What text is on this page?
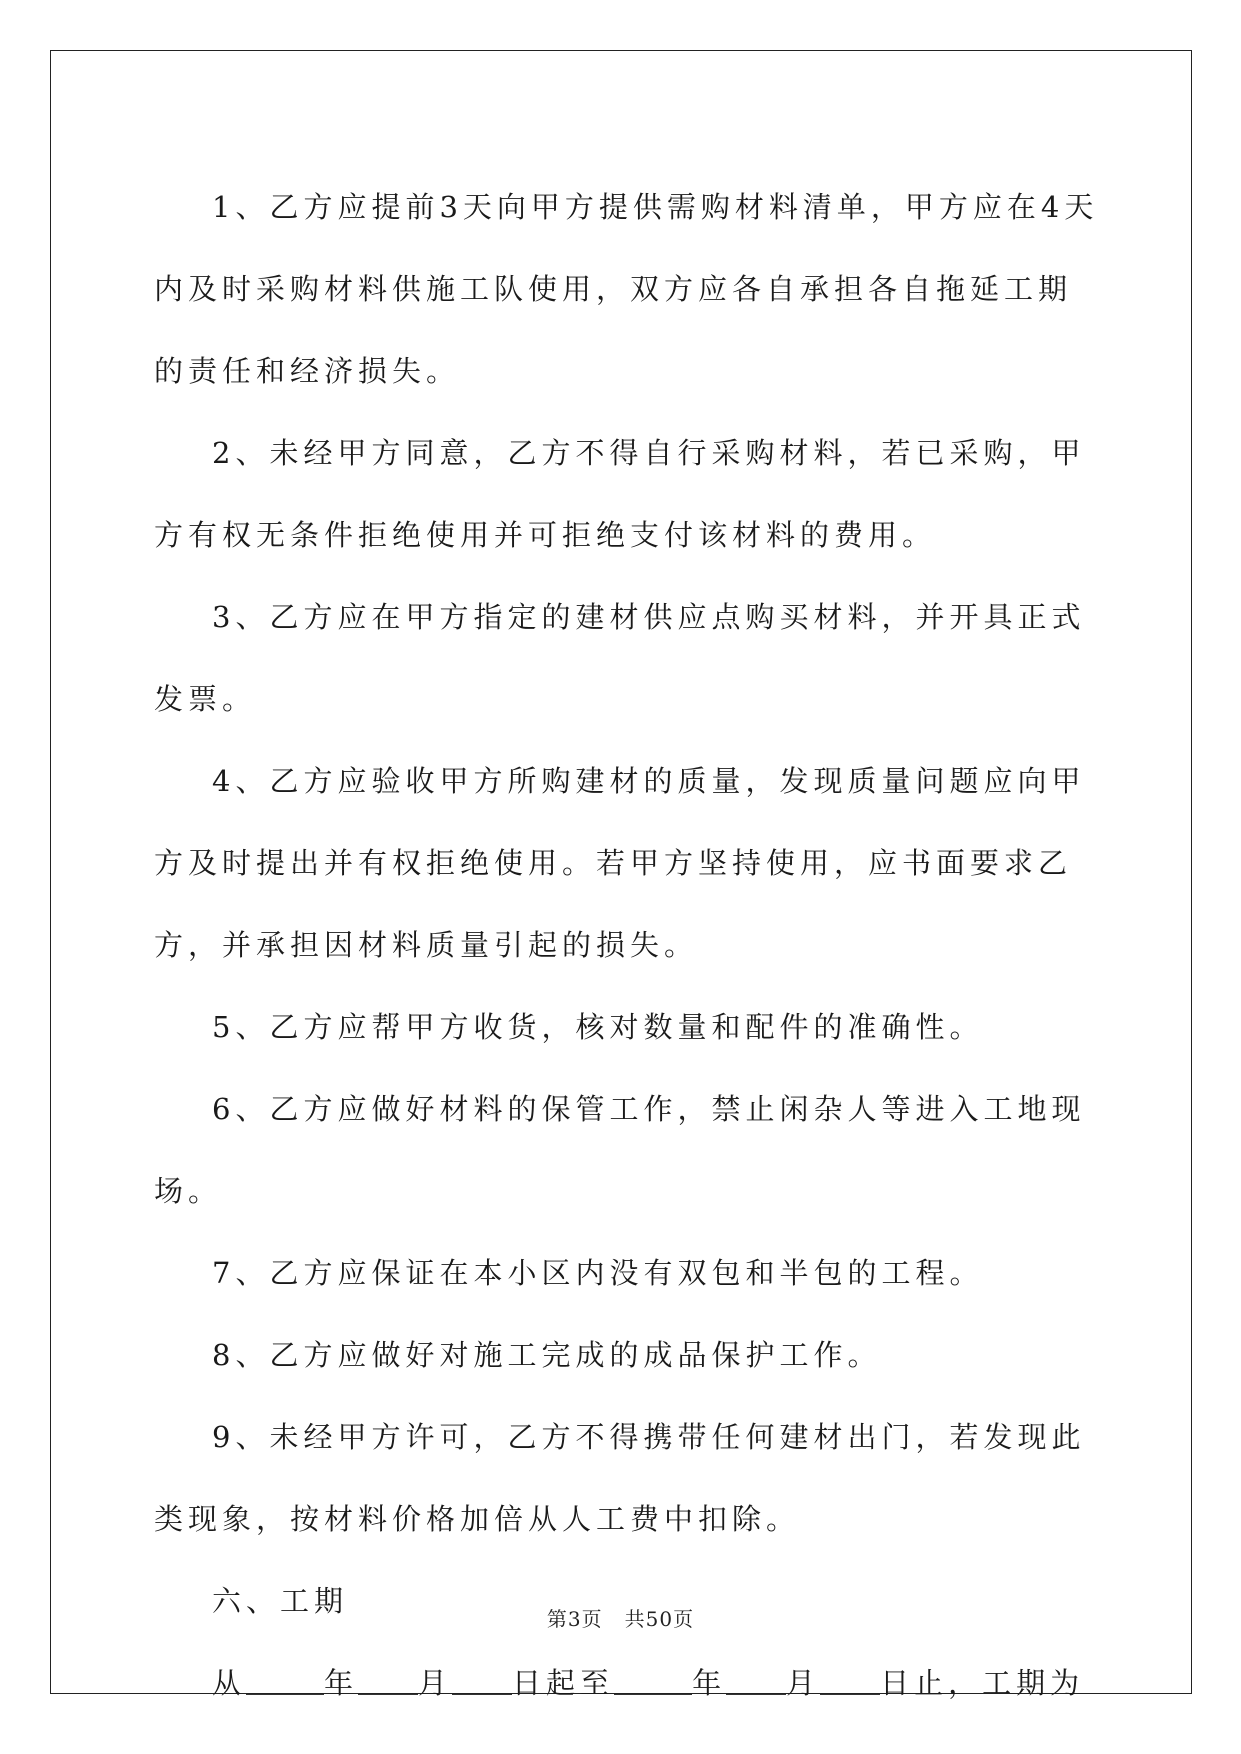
1、乙方应提前3天向甲方提供需购材料清单，甲方应在4天内及时采购材料供施工队使用，双方应各自承担各自拖延工期的责任和经济损失。

2、未经甲方同意，乙方不得自行采购材料，若已采购，甲方有权无条件拒绝使用并可拒绝支付该材料的费用。

3、乙方应在甲方指定的建材供应点购买材料，并开具正式发票。

4、乙方应验收甲方所购建材的质量，发现质量问题应向甲方及时提出并有权拒绝使用。若甲方坚持使用，应书面要求乙方，并承担因材料质量引起的损失。

5、乙方应帮甲方收货，核对数量和配件的准确性。

6、乙方应做好材料的保管工作，禁止闲杂人等进入工地现场。

7、乙方应保证在本小区内没有双包和半包的工程。

8、乙方应做好对施工完成的成品保护工作。

9、未经甲方许可，乙方不得携带任何建材出门，若发现此类现象，按材料价格加倍从人工费中扣除。

六、工期

从	年 月 日起至	年 月 日止，工期为

第3页 共50页
